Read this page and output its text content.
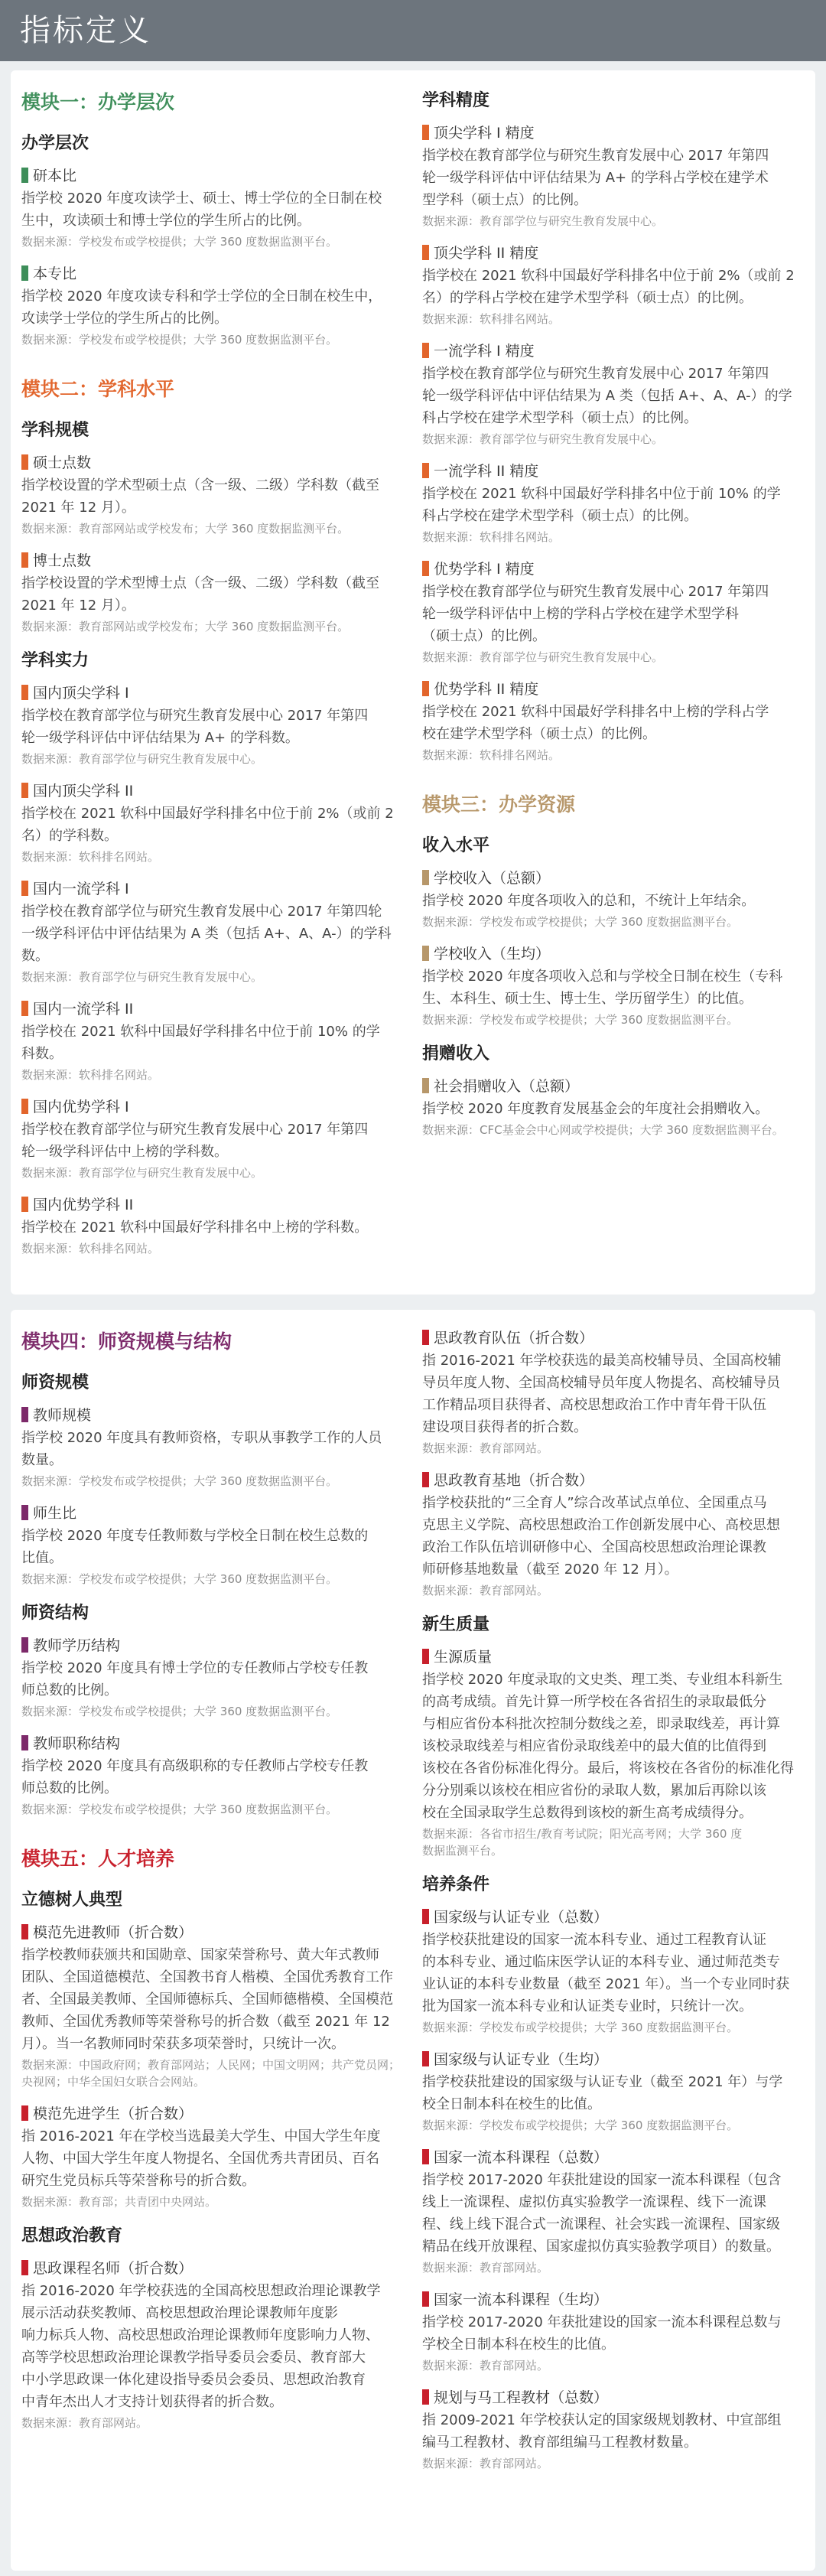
指标定义
模块一：办学层次
办学层次
研本比
指学校 2020 年度攻读学士、硕士、博士学位的全日制在校
生中，攻读硕士和博士学位的学生所占的比例。
数据来源：学校发布或学校提供；大学 360 度数据监测平台。
本专比
指学校 2020 年度攻读专科和学士学位的全日制在校生中，
攻读学士学位的学生所占的比例。
数据来源：学校发布或学校提供；大学 360 度数据监测平台。
模块二：学科水平
学科规模
硕士点数
指学校设置的学术型硕士点（含一级、二级）学科数（截至
2021 年 12 月）。
数据来源：教育部网站或学校发布；大学 360 度数据监测平台。
博士点数
指学校设置的学术型博士点（含一级、二级）学科数（截至
2021 年 12 月）。
数据来源：教育部网站或学校发布；大学 360 度数据监测平台。
学科实力
国内顶尖学科 I
指学校在教育部学位与研究生教育发展中心 2017 年第四
轮一级学科评估中评估结果为 A+ 的学科数。
数据来源：教育部学位与研究生教育发展中心。
国内顶尖学科 II
指学校在 2021 软科中国最好学科排名中位于前 2%（或前 2
名）的学科数。
数据来源：软科排名网站。
国内一流学科 I
指学校在教育部学位与研究生教育发展中心 2017 年第四轮
一级学科评估中评估结果为 A 类（包括 A+、A、A-）的学科数。
数据来源：教育部学位与研究生教育发展中心。
国内一流学科 II
指学校在 2021 软科中国最好学科排名中位于前 10% 的学
科数。
数据来源：软科排名网站。
国内优势学科 I
指学校在教育部学位与研究生教育发展中心 2017 年第四
轮一级学科评估中上榜的学科数。
数据来源：教育部学位与研究生教育发展中心。
国内优势学科 II
指学校在 2021 软科中国最好学科排名中上榜的学科数。
数据来源：软科排名网站。
学科精度
顶尖学科 I 精度
指学校在教育部学位与研究生教育发展中心 2017 年第四
轮一级学科评估中评估结果为 A+ 的学科占学校在建学术
型学科（硕士点）的比例。
数据来源：教育部学位与研究生教育发展中心。
顶尖学科 II 精度
指学校在 2021 软科中国最好学科排名中位于前 2%（或前 2
名）的学科占学校在建学术型学科（硕士点）的比例。
数据来源：软科排名网站。
一流学科 I 精度
指学校在教育部学位与研究生教育发展中心 2017 年第四
轮一级学科评估中评估结果为 A 类（包括 A+、A、A-）的学
科占学校在建学术型学科（硕士点）的比例。
数据来源：教育部学位与研究生教育发展中心。
一流学科 II 精度
指学校在 2021 软科中国最好学科排名中位于前 10% 的学
科占学校在建学术型学科（硕士点）的比例。
数据来源：软科排名网站。
优势学科 I 精度
指学校在教育部学位与研究生教育发展中心 2017 年第四
轮一级学科评估中上榜的学科占学校在建学术型学科
（硕士点）的比例。
数据来源：教育部学位与研究生教育发展中心。
优势学科 II 精度
指学校在 2021 软科中国最好学科排名中上榜的学科占学
校在建学术型学科（硕士点）的比例。
数据来源：软科排名网站。
模块三：办学资源
收入水平
学校收入（总额）
指学校 2020 年度各项收入的总和，不统计上年结余。
数据来源：学校发布或学校提供；大学 360 度数据监测平台。
学校收入（生均）
指学校 2020 年度各项收入总和与学校全日制在校生（专科
生、本科生、硕士生、博士生、学历留学生）的比值。
数据来源：学校发布或学校提供；大学 360 度数据监测平台。
捐赠收入
社会捐赠收入（总额）
指学校 2020 年度教育发展基金会的年度社会捐赠收入。
数据来源：CFC基金会中心网或学校提供；大学 360 度数据监测平台。
模块四：师资规模与结构
师资规模
教师规模
指学校 2020 年度具有教师资格，专职从事教学工作的人员
数量。
数据来源：学校发布或学校提供；大学 360 度数据监测平台。
师生比
指学校 2020 年度专任教师数与学校全日制在校生总数的
比值。
数据来源：学校发布或学校提供；大学 360 度数据监测平台。
师资结构
教师学历结构
指学校 2020 年度具有博士学位的专任教师占学校专任教
师总数的比例。
数据来源：学校发布或学校提供；大学 360 度数据监测平台。
教师职称结构
指学校 2020 年度具有高级职称的专任教师占学校专任教
师总数的比例。
数据来源：学校发布或学校提供；大学 360 度数据监测平台。
模块五：人才培养
立德树人典型
模范先进教师（折合数）
指学校教师获颁共和国勋章、国家荣誉称号、黄大年式教师
团队、全国道德模范、全国教书育人楷模、全国优秀教育工作
者、全国最美教师、全国师德标兵、全国师德楷模、全国模范
教师、全国优秀教师等荣誉称号的折合数（截至 2021 年 12
月）。当一名教师同时荣获多项荣誉时，只统计一次。
数据来源：中国政府网；教育部网站；人民网；中国文明网；共产党员网；
央视网；中华全国妇女联合会网站。
模范先进学生（折合数）
指 2016-2021 年在学校当选最美大学生、中国大学生年度
人物、中国大学生年度人物提名、全国优秀共青团员、百名
研究生党员标兵等荣誉称号的折合数。
数据来源：教育部；共青团中央网站。
思想政治教育
思政课程名师（折合数）
指 2016-2020 年学校获选的全国高校思想政治理论课教学
展示活动获奖教师、高校思想政治理论课教师年度影
响力标兵人物、高校思想政治理论课教师年度影响力人物、
高等学校思想政治理论课教学指导委员会委员、教育部大
中小学思政课一体化建设指导委员会委员、思想政治教育
中青年杰出人才支持计划获得者的折合数。
数据来源：教育部网站。
思政教育队伍（折合数）
指 2016-2021 年学校获选的最美高校辅导员、全国高校辅
导员年度人物、全国高校辅导员年度人物提名、高校辅导员
工作精品项目获得者、高校思想政治工作中青年骨干队伍
建设项目获得者的折合数。
数据来源：教育部网站。
思政教育基地（折合数）
指学校获批的“三全育人”综合改革试点单位、全国重点马
克思主义学院、高校思想政治工作创新发展中心、高校思想
政治工作队伍培训研修中心、全国高校思想政治理论课教
师研修基地数量（截至 2020 年 12 月）。
数据来源：教育部网站。
新生质量
生源质量
指学校 2020 年度录取的文史类、理工类、专业组本科新生
的高考成绩。首先计算一所学校在各省招生的录取最低分
与相应省份本科批次控制分数线之差，即录取线差，再计算
该校录取线差与相应省份录取线差中的最大值的比值得到
该校在各省份标准化得分。最后，将该校在各省份的标准化得
分分别乘以该校在相应省份的录取人数，累加后再除以该
校在全国录取学生总数得到该校的新生高考成绩得分。
数据来源：各省市招生/教育考试院；阳光高考网；大学 360 度
数据监测平台。
培养条件
国家级与认证专业（总数）
指学校获批建设的国家一流本科专业、通过工程教育认证
的本科专业、通过临床医学认证的本科专业、通过师范类专
业认证的本科专业数量（截至 2021 年）。当一个专业同时获
批为国家一流本科专业和认证类专业时，只统计一次。
数据来源：学校发布或学校提供；大学 360 度数据监测平台。
国家级与认证专业（生均）
指学校获批建设的国家级与认证专业（截至 2021 年）与学
校全日制本科在校生的比值。
数据来源：学校发布或学校提供；大学 360 度数据监测平台。
国家一流本科课程（总数）
指学校 2017-2020 年获批建设的国家一流本科课程（包含
线上一流课程、虚拟仿真实验教学一流课程、线下一流课
程、线上线下混合式一流课程、社会实践一流课程、国家级
精品在线开放课程、国家虚拟仿真实验教学项目）的数量。
数据来源：教育部网站。
国家一流本科课程（生均）
指学校 2017-2020 年获批建设的国家一流本科课程总数与
学校全日制本科在校生的比值。
数据来源：教育部网站。
规划与马工程教材（总数）
指 2009-2021 年学校获认定的国家级规划教材、中宣部组
编马工程教材、教育部组编马工程教材数量。
数据来源：教育部网站。
